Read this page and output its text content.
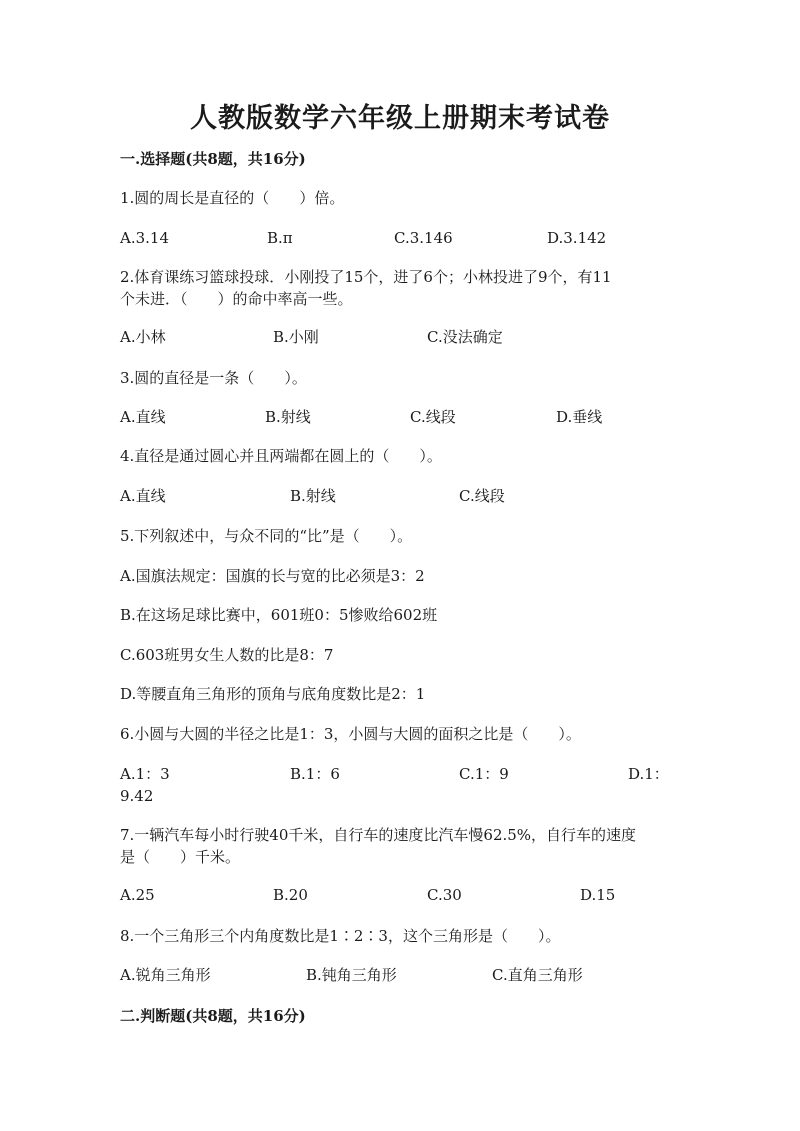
人教版数学六年级上册期末考试卷

一.选择题(共8题，共16分)

1.圆的周长是直径的（　　）倍。

A.3.14	B.π	C.3.146	D.3.142

2.体育课练习篮球投球．小刚投了15个，进了6个；小林投进了9个，有11

个未进．（　　）的命中率高一些。

A.小林	B.小刚	C.没法确定

3.圆的直径是一条（　　）。

A.直线	B.射线	C.线段	D.垂线

4.直径是通过圆心并且两端都在圆上的（　　）。

A.直线	B.射线	C.线段

5.下列叙述中，与众不同的“比”是（　　）。

A.国旗法规定：国旗的长与宽的比必须是3：2
B.在这场足球比赛中，601班0：5惨败给602班
C.603班男女生人数的比是8：7
D.等腰直角三角形的顶角与底角度数比是2：1

6.小圆与大圆的半径之比是1：3，小圆与大圆的面积之比是（　　）。

A.1：3	B.1：6	C.1：9	D.1：
9.42

7.一辆汽车每小时行驶40千米，自行车的速度比汽车慢62.5%，自行车的速度

是（　　）千米。

A.25	B.20	C.30	D.15

8.一个三角形三个内角度数比是1∶2∶3，这个三角形是（　　）。

A.锐角三角形	B.钝角三角形	C.直角三角形

二.判断题(共8题，共16分)
